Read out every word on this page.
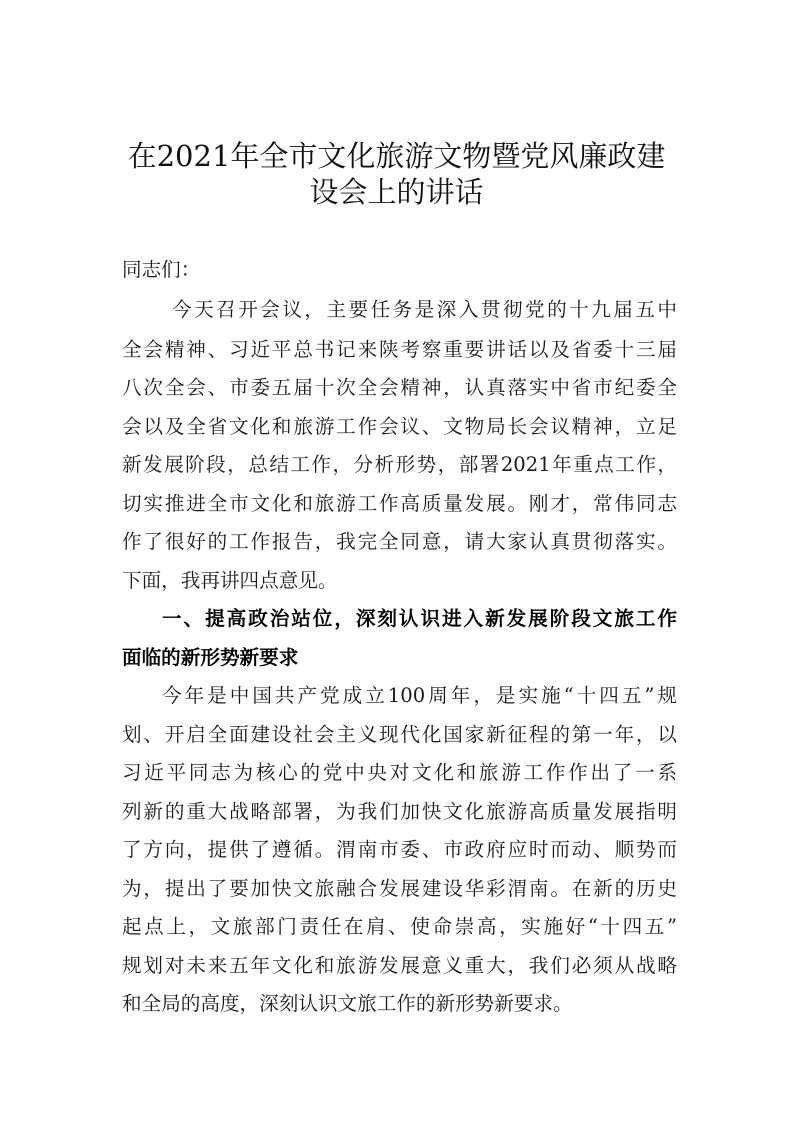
在2021年全市文化旅游文物暨党风廉政建
设会上的讲话
同志们：
今天召开会议，主要任务是深入贯彻党的十九届五中
全会精神、习近平总书记来陕考察重要讲话以及省委十三届
八次全会、市委五届十次全会精神，认真落实中省市纪委全
会以及全省文化和旅游工作会议、文物局长会议精神，立足
新发展阶段，总结工作，分析形势，部署2021年重点工作，
切实推进全市文化和旅游工作高质量发展。刚才，常伟同志
作了很好的工作报告，我完全同意，请大家认真贯彻落实。
下面，我再讲四点意见。
一、提高政治站位，深刻认识进入新发展阶段文旅工作
面临的新形势新要求
今年是中国共产党成立100周年，是实施“十四五”规
划、开启全面建设社会主义现代化国家新征程的第一年，以
习近平同志为核心的党中央对文化和旅游工作作出了一系
列新的重大战略部署，为我们加快文化旅游高质量发展指明
了方向，提供了遵循。渭南市委、市政府应时而动、顺势而
为，提出了要加快文旅融合发展建设华彩渭南。在新的历史
起点上，文旅部门责任在肩、使命崇高，实施好“十四五”
规划对未来五年文化和旅游发展意义重大，我们必须从战略
和全局的高度，深刻认识文旅工作的新形势新要求。
